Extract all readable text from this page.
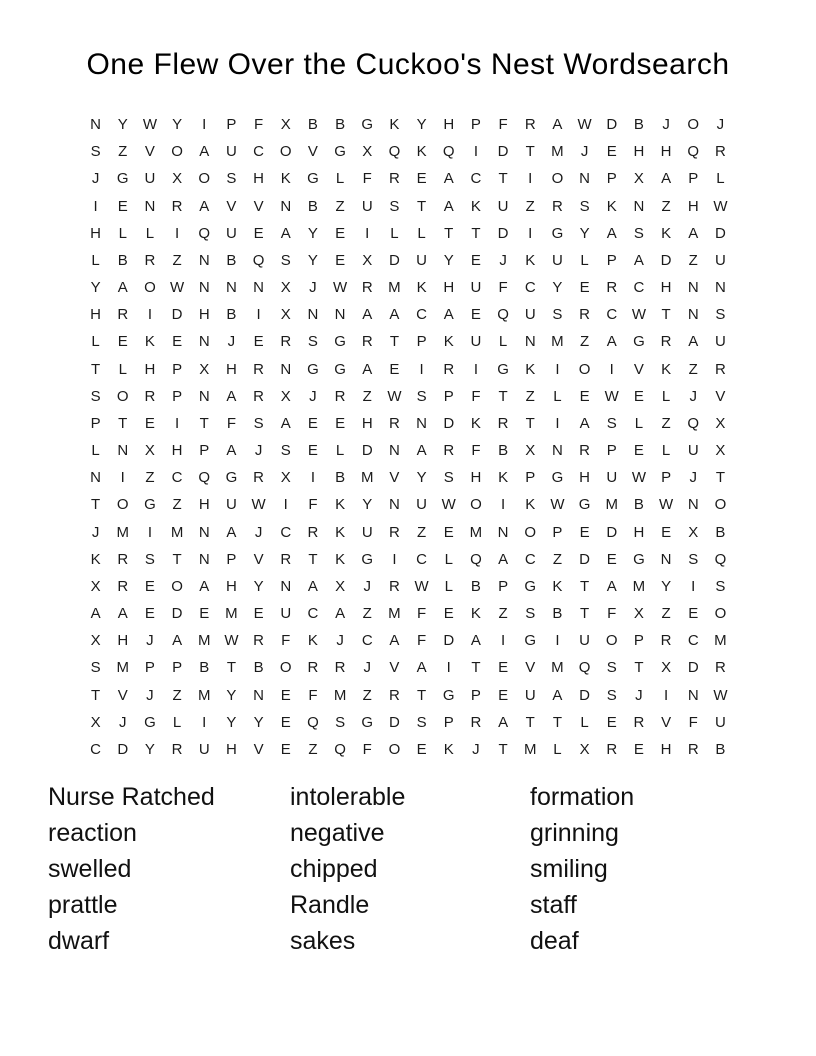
One Flew Over the Cuckoo's Nest Wordsearch
N	Y	W	Y	I	P	F	X	B	B	G	K	Y	H	P	F	R	A	W D	B	J	O	J
S	Z	V	O	A	U	C	O	V	G	X	Q	K	Q	I	D	T	M	J	E	H	H	Q	R
J	G	U	X	O	S	H	K	G	L	F	R	E	A	C	T	I	O	N	P	X	A	P	L
I	E	N	R	A	V	V	N	B	Z	U	S	T	A	K	U	Z	R	S	K	N	Z	H W
H	L	L	I	Q	U	E	A	Y	E	I	L	L	T	T	D	I	G	Y	A	S	K	A	D
L	B	R	Z	N	B	Q	S	Y	E	X	D	U	Y	E	J	K	U	L	P	A	D	Z	U
Y	A	O W N	N	N	X	J	W R	M	K	H	U	F	C	Y	E	R	C	H	N	N
H	R	I	D	H	B	I	X	N	N	A	A	C	A	E	Q	U	S	R	C W	T	N	S
L	E	K	E	N	J	E	R	S	G	R	T	P	K	U	L	N	M	Z	A	G	R	A	U
T	L	H	P	X	H	R	N	G	G	A	E	I	R	I	G	K	I	O	I	V	K	Z	R
S	O	R	P	N	A	R	X	J	R	Z	W	S	P	F	T	Z	L	E	W	E	L	J	V
P	T	E	I	T	F	S	A	E	E	H	R	N	D	K	R	T	I	A	S	L	Z	Q	X
L	N	X	H	P	A	J	S	E	L	D	N	A	R	F	B	X	N	R	P	E	L	U	X
N	I	Z	C	Q	G	R	X	I	B	M	V	Y	S	H	K	P	G	H	U W	P	J	T
T	O	G	Z	H	U W	I	F	K	Y	N	U W O	I	K	W G	M	B	W N	O
J	M	I	M	N	A	J	C	R	K	U	R	Z	E	M	N	O	P	E	D	H	E	X	B
K	R	S	T	N	P	V	R	T	K	G	I	C	L	Q	A	C	Z	D	E	G	N	S	Q
X	R	E	O	A	H	Y	N	A	X	J	R W	L	B	P	G	K	T	A	M	Y	I	S
A	A	E	D	E	M	E	U	C	A	Z	M	F	E	K	Z	S	B	T	F	X	Z	E	O
X	H	J	A	M W R	F	K	J	C	A	F	D	A	I	G	I	U	O	P	R	C	M
S	M	P	P	B	T	B	O	R	R	J	V	A	I	T	E	V	M	Q	S	T	X	D	R
T	V	J	Z	M	Y	N	E	F	M	Z	R	T	G	P	E	U	A	D	S	J	I	N W
X	J	G	L	I	Y	Y	E	Q	S	G	D	S	P	R	A	T	T	L	E	R	V	F	U
C	D	Y	R	U	H	V	E	Z	Q	F	O	E	K	J	T	M	L	X	R	E	H	R	B
Nurse Ratched
reaction
swelled
prattle
dwarf
intolerable
negative
chipped
Randle
sakes
formation
grinning
smiling
staff
deaf
